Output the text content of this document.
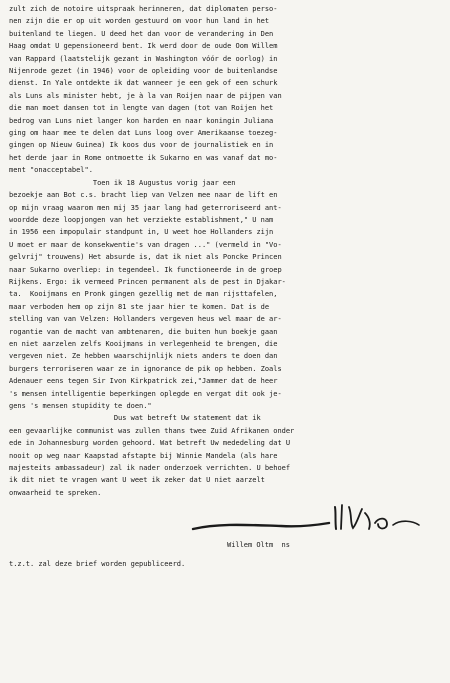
zult zich de notoire uitspraak herinneren, dat diplomaten perso-
nen zijn die er op uit worden gestuurd om voor hun land in het
buitenland te liegen. U deed het dan voor de verandering in Den
Haag omdat U gepensioneerd bent. Ik werd door de oude Oom Willem
van Rappard (laatstelijk gezant in Washington vóór de oorlog) in
Nijenrode gezet (in 1946) voor de opleiding voor de buitenlandse
dienst. In Yale ontdekte ik dat wanneer je een gek of een schurk
als Luns als minister hebt, je à la van Roijen naar de pijpen van
die man moet dansen tot in lengte van dagen (tot van Roijen het
bedrog van Luns niet langer kon harden en naar koningin Juliana
ging om haar mee te delen dat Luns loog over Amerikaanse toezeg-
gingen op Nieuw Guinea) Ik koos dus voor de journalistiek en in
het derde jaar in Rome ontmoette ik Sukarno en was vanaf dat mo-
ment "onacceptabel".
Toen ik 18 Augustus vorig jaar een
bezoekje aan Bot c.s. bracht liep van Velzen mee naar de lift en
op mijn vraag waarom men mij 35 jaar lang had geterroriseerd ant-
woordde deze loopjongen van het verziekte establishment," U nam
in 1956 een impopulair standpunt in, U weet hoe Hollanders zijn
U moet er maar de konsekwentie's van dragen ..." (vermeld in "Vo-
gelvrij" trouwens) Het absurde is, dat ik niet als Poncke Princen
naar Sukarno overliep: in tegendeel. Ik functioneerde in de groep
Rijkens. Ergo: ik vermeed Princen permanent als de pest in Djakar-
ta.  Kooijmans en Pronk gingen gezellig met de man rijsttafelen,
maar verboden hem op zijn 81 ste jaar hier te komen. Dat is de
stelling van van Velzen: Hollanders vergeven heus wel maar de ar-
rogantie van de macht van ambtenaren, die buiten hun boekje gaan
en niet aarzelen zelfs Kooijmans in verlegenheid te brengen, die
vergeven niet. Ze hebben waarschijnlijk niets anders te doen dan
burgers terroriseren waar ze in ignorance de pik op hebben. Zoals
Adenauer eens tegen Sir Ivon Kirkpatrick zei,"Jammer dat de heer
's mensen intelligentie beperkingen oplegde en vergat dit ook je-
gens 's mensen stupidity te doen."
Dus wat betreft Uw statement dat ik
een gevaarlijke communist was zullen thans twee Zuid Afrikanen onder
ede in Johannesburg worden gehoord. Wat betreft Uw mededeling dat U
nooit op weg naar Kaapstad afstapte bij Winnie Mandela (als hare
majesteits ambassadeur) zal ik nader onderzoek verrichten. U behoef
ik dit niet te vragen want U weet ik zeker dat U niet aarzelt
onwaarheid te spreken.
Willem Oltm  ns
t.z.t. zal deze brief worden gepubliceerd.
